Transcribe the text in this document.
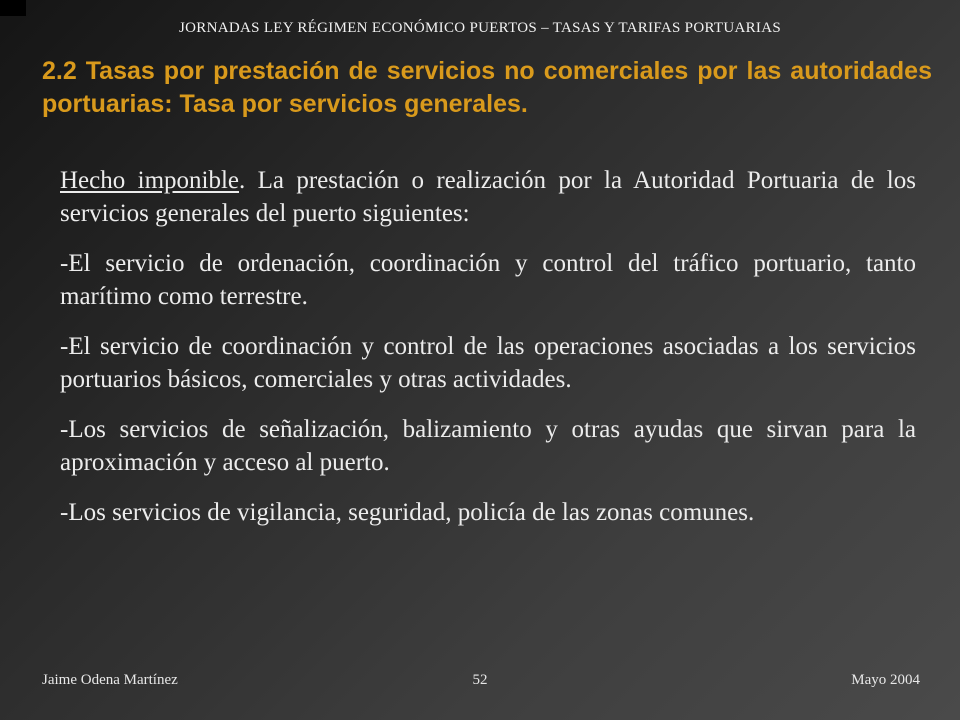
JORNADAS LEY RÉGIMEN ECONÓMICO PUERTOS – TASAS Y TARIFAS PORTUARIAS
2.2 Tasas por prestación de servicios no comerciales por las autoridades portuarias: Tasa por servicios generales.

Hecho imponible. La prestación o realización por la Autoridad Portuaria de los servicios generales del puerto siguientes:

-El servicio de ordenación, coordinación y control del tráfico portuario, tanto marítimo como terrestre.

-El servicio de coordinación y control de las operaciones asociadas a los servicios portuarios básicos, comerciales y otras actividades.

-Los servicios de señalización, balizamiento y otras ayudas que sirvan para la aproximación y acceso al puerto.

-Los servicios de vigilancia, seguridad, policía de las zonas comunes.

Jaime Odena Martínez	52	Mayo 2004
